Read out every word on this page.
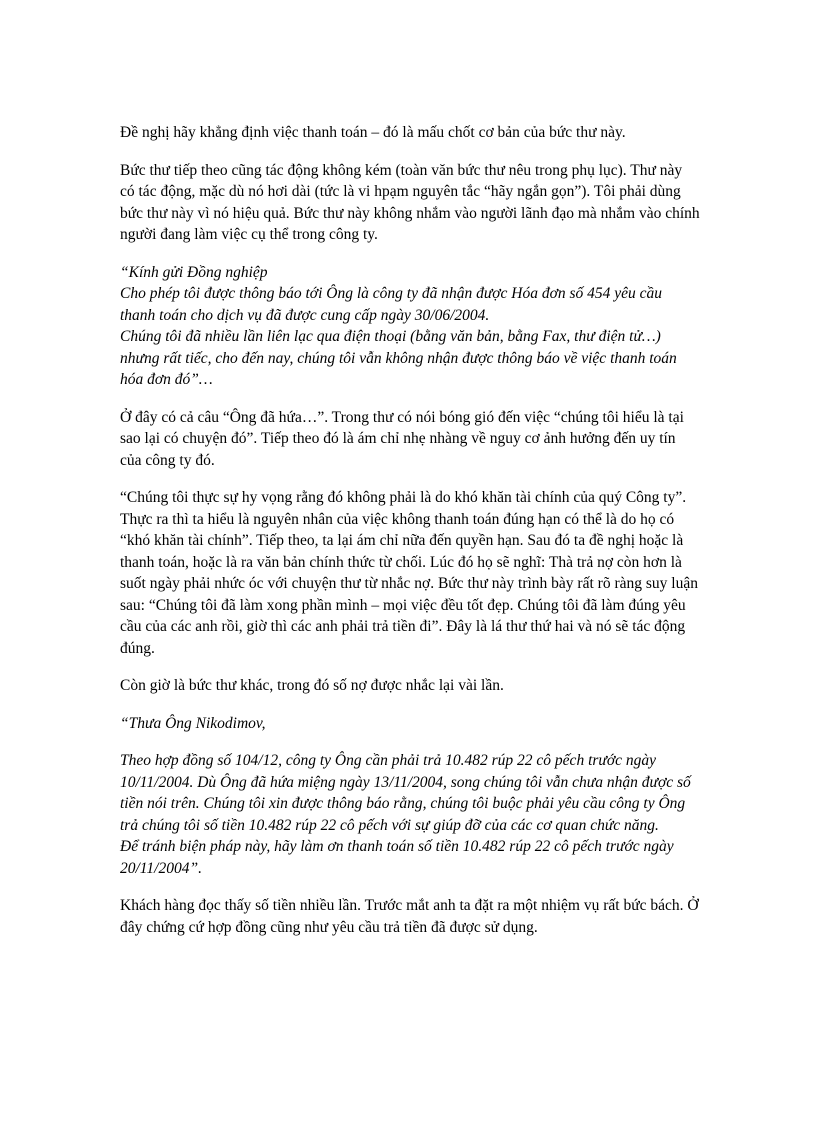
Đề nghị hãy khẳng định việc thanh toán – đó là mấu chốt cơ bản của bức thư này.

Bức thư tiếp theo cũng tác động không kém (toàn văn bức thư nêu trong phụ lục). Thư này có tác động, mặc dù nó hơi dài (tức là vi hpạm nguyên tắc “hãy ngắn gọn”). Tôi phải dùng bức thư này vì nó hiệu quả. Bức thư này không nhắm vào người lãnh đạo mà nhắm vào chính người đang làm việc cụ thể trong công ty.

“Kính gửi Đồng nghiệp
Cho phép tôi được thông báo tới Ông là công ty đã nhận được Hóa đơn số 454 yêu cầu thanh toán cho dịch vụ đã được cung cấp ngày 30/06/2004.
Chúng tôi đã nhiều lần liên lạc qua điện thoại (bằng văn bản, bằng Fax, thư điện tử…) nhưng rất tiếc, cho đến nay, chúng tôi vẫn không nhận được thông báo về việc thanh toán hóa đơn đó”…

Ở đây có cả câu “Ông đã hứa…”. Trong thư có nói bóng gió đến việc “chúng tôi hiểu là tại sao lại có chuyện đó”. Tiếp theo đó là ám chỉ nhẹ nhàng về nguy cơ ảnh hưởng đến uy tín của công ty đó.

“Chúng tôi thực sự hy vọng rằng đó không phải là do khó khăn tài chính của quý Công ty”. Thực ra thì ta hiểu là nguyên nhân của việc không thanh toán đúng hạn có thể là do họ có “khó khăn tài chính”. Tiếp theo, ta lại ám chỉ nữa đến quyền hạn. Sau đó ta đề nghị hoặc là thanh toán, hoặc là ra văn bản chính thức từ chối. Lúc đó họ sẽ nghĩ: Thà trả nợ còn hơn là suốt ngày phải nhức óc với chuyện thư từ nhắc nợ. Bức thư này trình bày rất rõ ràng suy luận sau: “Chúng tôi đã làm xong phần mình – mọi việc đều tốt đẹp. Chúng tôi đã làm đúng yêu cầu của các anh rồi, giờ thì các anh phải trả tiền đi”. Đây là lá thư thứ hai và nó sẽ tác động đúng.

Còn giờ là bức thư khác, trong đó số nợ được nhắc lại vài lần.

“Thưa Ông Nikodimov,

Theo hợp đồng số 104/12, công ty Ông cần phải trả 10.482 rúp 22 cô pếch trước ngày 10/11/2004. Dù Ông đã hứa miệng ngày 13/11/2004, song chúng tôi vẫn chưa nhận được số tiền nói trên. Chúng tôi xin được thông báo rằng, chúng tôi buộc phải yêu cầu công ty Ông trả chúng tôi số tiền 10.482 rúp 22 cô pếch với sự giúp đỡ của các cơ quan chức năng.
Để tránh biện pháp này, hãy làm ơn thanh toán số tiền 10.482 rúp 22 cô pếch trước ngày 20/11/2004”.

Khách hàng đọc thấy số tiền nhiều lần. Trước mắt anh ta đặt ra một nhiệm vụ rất bức bách. Ở đây chứng cứ hợp đồng cũng như yêu cầu trả tiền đã được sử dụng.
